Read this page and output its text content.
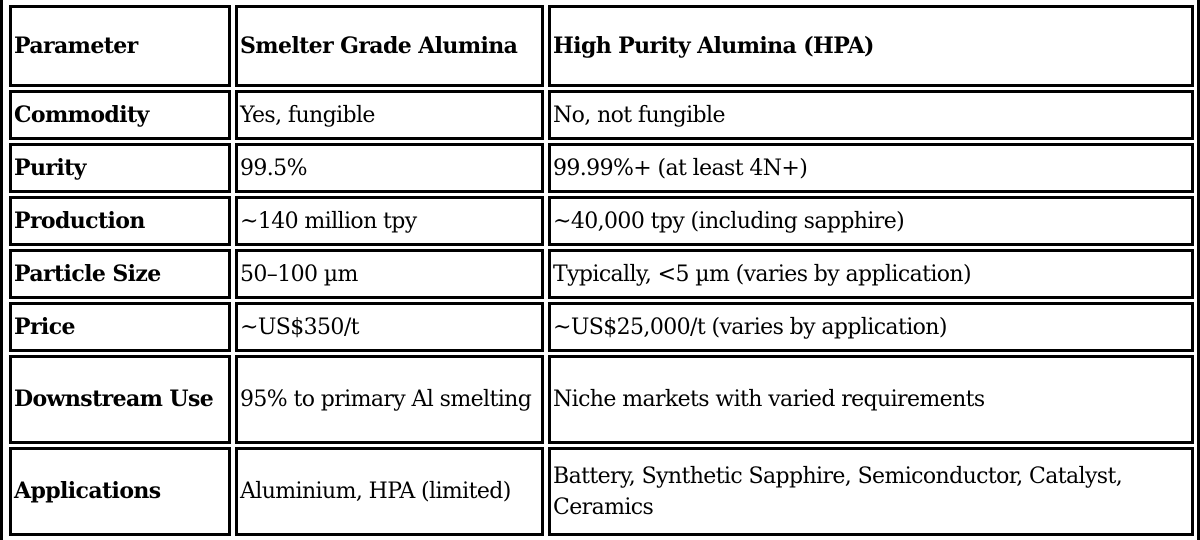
Parameter	Smelter Grade Alumina	High Purity Alumina (HPA)
Commodity	Yes, fungible	No, not fungible
Purity	99.5%	99.99%+ (at least 4N+)
Production	~140 million tpy	~40,000 tpy (including sapphire)
Particle Size	50–100 µm	Typically, <5 µm (varies by application)
Price	~US$350/t	~US$25,000/t (varies by application)
Downstream Use	95% to primary Al smelting	Niche markets with varied requirements
Applications	Aluminium, HPA (limited)	Battery, Synthetic Sapphire, Semiconductor, Catalyst, Ceramics
